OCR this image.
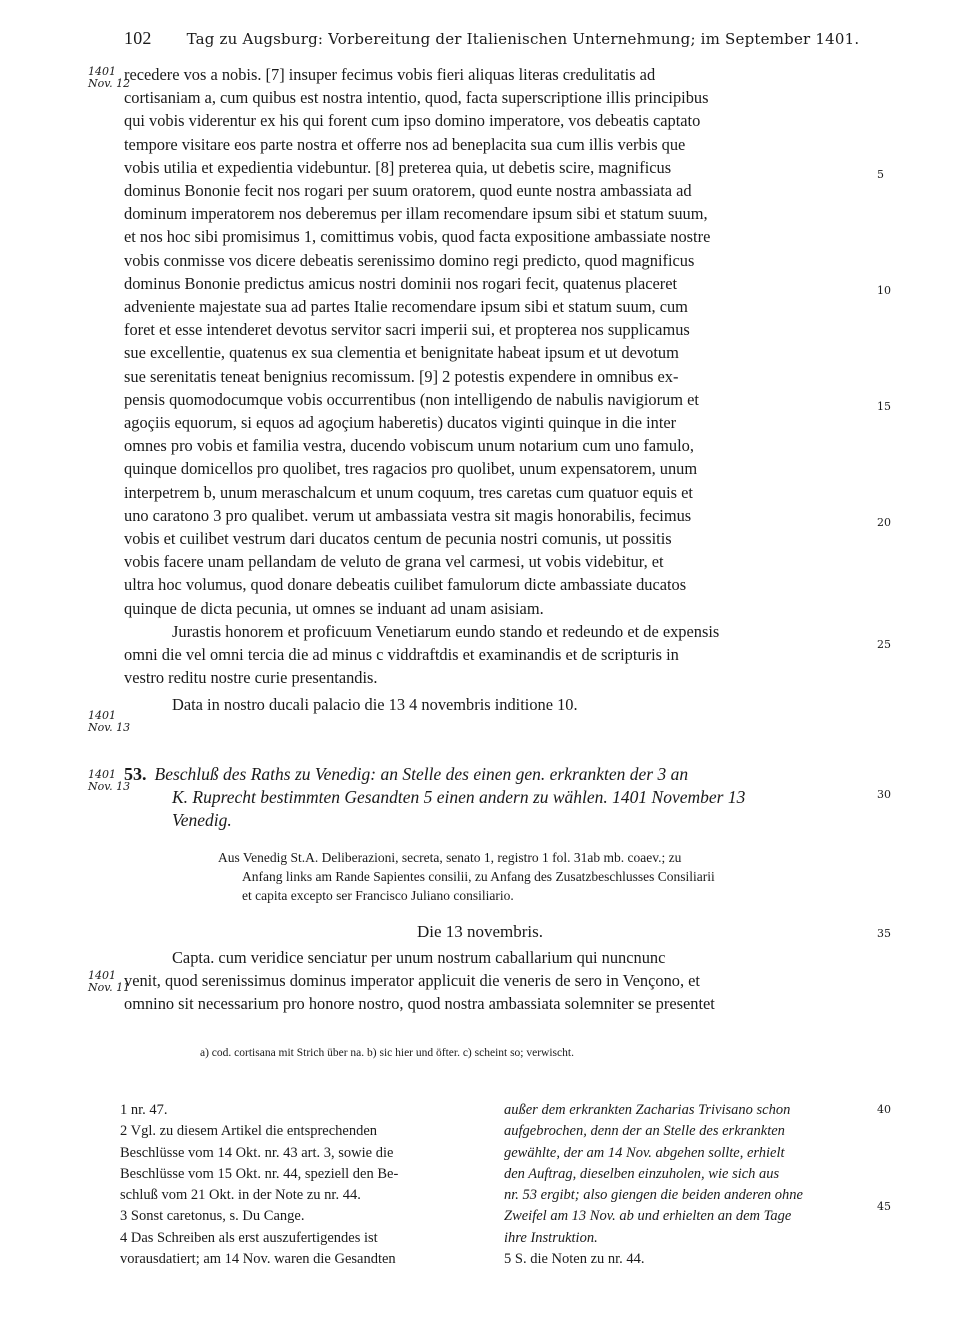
102 Tag zu Augsburg: Vorbereitung der Italienischen Unternehmung; im September 1401.
1401
Nov. 12
1401
Nov. 13
1401
Nov. 13
1401
Nov. 11
5
10
15
20
25
30
35
40
45
recedere vos a nobis. [7] insuper fecimus vobis fieri aliquas literas credulitatis ad
cortisaniam a, cum quibus est nostra intentio, quod, facta superscriptione illis principibus
qui vobis viderentur ex his qui forent cum ipso domino imperatore, vos debeatis captato
tempore visitare eos parte nostra et offerre nos ad beneplacita sua cum illis verbis que
vobis utilia et expedientia videbuntur. [8] preterea quia, ut debetis scire, magnificus
dominus Bononie fecit nos rogari per suum oratorem, quod eunte nostra ambassiata ad
dominum imperatorem nos deberemus per illam recomendare ipsum sibi et statum suum,
et nos hoc sibi promisimus 1, comittimus vobis, quod facta expositione ambassiate nostre
vobis conmisse vos dicere debeatis serenissimo domino regi predicto, quod magnificus
dominus Bononie predictus amicus nostri dominii nos rogari fecit, quatenus placeret
adveniente majestate sua ad partes Italie recomendare ipsum sibi et statum suum, cum
foret et esse intenderet devotus servitor sacri imperii sui, et propterea nos supplicamus
sue excellentie, quatenus ex sua clementia et benignitate habeat ipsum et ut devotum
sue serenitatis teneat benignius recomissum. [9] 2 potestis expendere in omnibus ex-
pensis quomodocumque vobis occurrentibus (non intelligendo de nabulis navigiorum et
agoçiis equorum, si equos ad agoçium haberetis) ducatos viginti quinque in die inter
omnes pro vobis et familia vestra, ducendo vobiscum unum notarium cum uno famulo,
quinque domicellos pro quolibet, tres ragacios pro quolibet, unum expensatorem, unum
interpetrem b, unum meraschalcum et unum coquum, tres caretas cum quatuor equis et
uno caratono 3 pro qualibet. verum ut ambassiata vestra sit magis honorabilis, fecimus
vobis et cuilibet vestrum dari ducatos centum de pecunia nostri comunis, ut possitis
vobis facere unam pellandam de veluto de grana vel carmesi, ut vobis videbitur, et
ultra hoc volumus, quod donare debeatis cuilibet famulorum dicte ambassiate ducatos
quinque de dicta pecunia, ut omnes se induant ad unam asisiam.
Jurastis honorem et proficuum Venetiarum eundo stando et redeundo et de expensis
omni die vel omni tercia die ad minus c viddraftdis et examinandis et de scripturis in
vestro reditu nostre curie presentandis.
Data in nostro ducali palacio die 13 4 novembris inditione 10.
53. Beschluß des Raths zu Venedig: an Stelle des einen gen. erkrankten der 3 an
K. Ruprecht bestimmten Gesandten 5 einen andern zu wählen. 1401 November 13
Venedig.
Aus Venedig St.A. Deliberazioni, secreta, senato 1, registro 1 fol. 31ab mb. coaev.; zu
Anfang links am Rande Sapientes consilii, zu Anfang des Zusatzbeschlusses Consiliarii
et capita excepto ser Francisco Juliano consiliario.
Die 13 novembris.
Capta. cum veridice senciatur per unum nostrum caballarium qui nuncnunc
venit, quod serenissimus dominus imperator applicuit die veneris de sero in Vençono, et
omnino sit necessarium pro honore nostro, quod nostra ambassiata solemniter se presentet
a) cod. cortisana mit Strich über na. b) sic hier und öfter. c) scheint so; verwischt.

1 nr. 47.

2 Vgl. zu diesem Artikel die entsprechenden

Beschlüsse vom 14 Okt. nr. 43 art. 3, sowie die

Beschlüsse vom 15 Okt. nr. 44, speziell den Be-

schluß vom 21 Okt. in der Note zu nr. 44.

3 Sonst caretonus, s. Du Cange.

4 Das Schreiben als erst auszufertigendes ist

vorausdatiert; am 14 Nov. waren die Gesandten

außer dem erkrankten Zacharias Trivisano schon

aufgebrochen, denn der an Stelle des erkrankten

gewählte, der am 14 Nov. abgehen sollte, erhielt

den Auftrag, dieselben einzuholen, wie sich aus

nr. 53 ergibt; also giengen die beiden anderen ohne

Zweifel am 13 Nov. ab und erhielten an dem Tage

ihre Instruktion.

5 S. die Noten zu nr. 44.
